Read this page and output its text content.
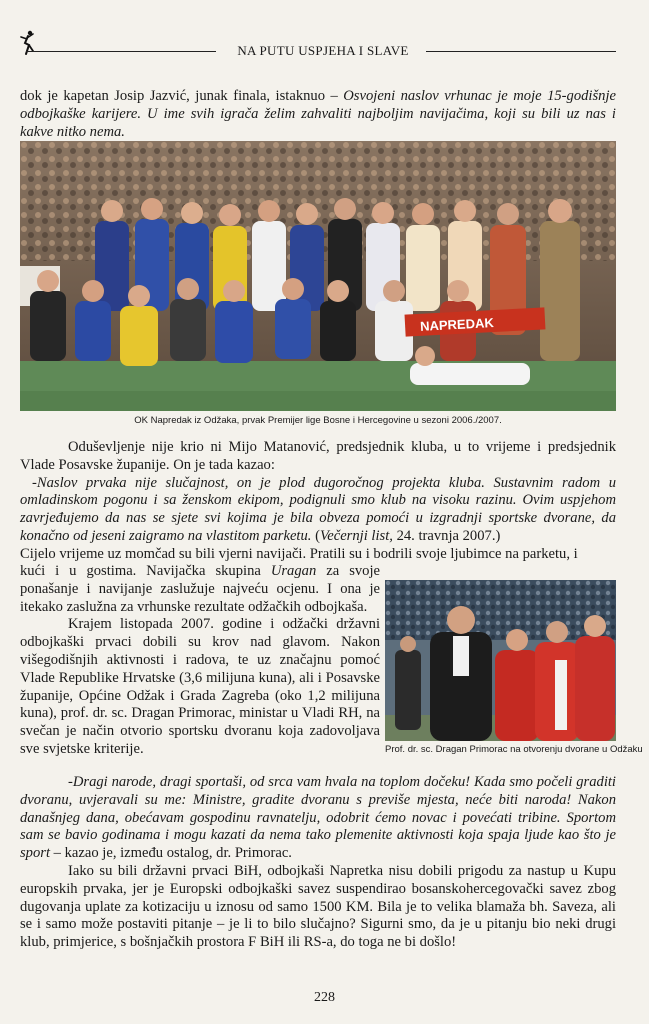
NA PUTU USPJEHA I SLAVE
dok je kapetan Josip Jazvić, junak finala, istaknuo – Osvojeni naslov vrhunac je moje 15-godišnje odbojkaške karijere. U ime svih igrača želim zahvaliti najboljim navijačima, koji su bili uz nas i kakve nitko nema.
NAPREDAK
OK Napredak iz Odžaka, prvak Premijer lige Bosne i Hercegovine u sezoni 2006./2007.
Oduševljenje nije krio ni Mijo Matanović, predsjednik kluba, u to vrijeme i predsjednik Vlade Posavske županije. On je tada kazao:
-Naslov prvaka nije slučajnost, on je plod dugoročnog projekta kluba. Sustavnim radom u omladinskom pogonu i sa ženskom ekipom, podignuli smo klub na visoku razinu. Ovim uspjehom zavrjeđujemo da nas se sjete svi kojima je bila obveza pomoći u izgradnji sportske dvorane, da konačno od jeseni zaigramo na vlastitom parketu. (Večernji list, 24. travnja 2007.)
Cijelo vrijeme uz momčad su bili vjerni navijači. Pratili su i bodrili svoje ljubimce na parketu, i
kući i u gostima. Navijačka skupina Uragan za svoje ponašanje i navijanje zaslužuje najveću ocjenu. I ona je itekako zaslužna za vrhunske rezultate odžačkih odbojkaša.
Krajem listopada 2007. godine i odžački državni odbojkaški prvaci dobili su krov nad glavom. Nakon višegodišnjih aktivnosti i radova, te uz značajnu pomoć Vlade Republike Hrvatske (3,6 milijuna kuna), ali i Posavske županije, Općine Odžak i Grada Zagreba (oko 1,2 milijuna kuna), prof. dr. sc. Dragan Primorac, ministar u Vladi RH, na svečan je način otvorio sportsku dvoranu koja zadovoljava sve svjetske kriterije.	Prof. dr. sc. Dragan Primorac na otvorenju dvorane u Odžaku
-Dragi narode, dragi sportaši, od srca vam hvala na toplom dočeku! Kada smo počeli graditi dvoranu, uvjeravali su me: Ministre, gradite dvoranu s previše mjesta, neće biti naroda! Nakon današnjeg dana, obećavam gospodinu ravnatelju, odobrit ćemo novac i povećati tribine. Sportom sam se bavio godinama i mogu kazati da nema tako plemenite aktivnosti koja spaja ljude kao što je sport – kazao je, između ostalog, dr. Primorac.
Iako su bili državni prvaci BiH, odbojkaši Napretka nisu dobili prigodu za nastup u Kupu europskih prvaka, jer je Europski odbojkaški savez suspendirao bosanskohercegovački savez zbog dugovanja uplate za kotizaciju u iznosu od samo 1500 KM. Bila je to velika blamaža bh. Saveza, ali se i samo može postaviti pitanje – je li to bilo slučajno? Sigurni smo, da je u pitanju bio neki drugi klub, primjerice, s bošnjačkih prostora F BiH ili RS-a, do toga ne bi došlo!
228
